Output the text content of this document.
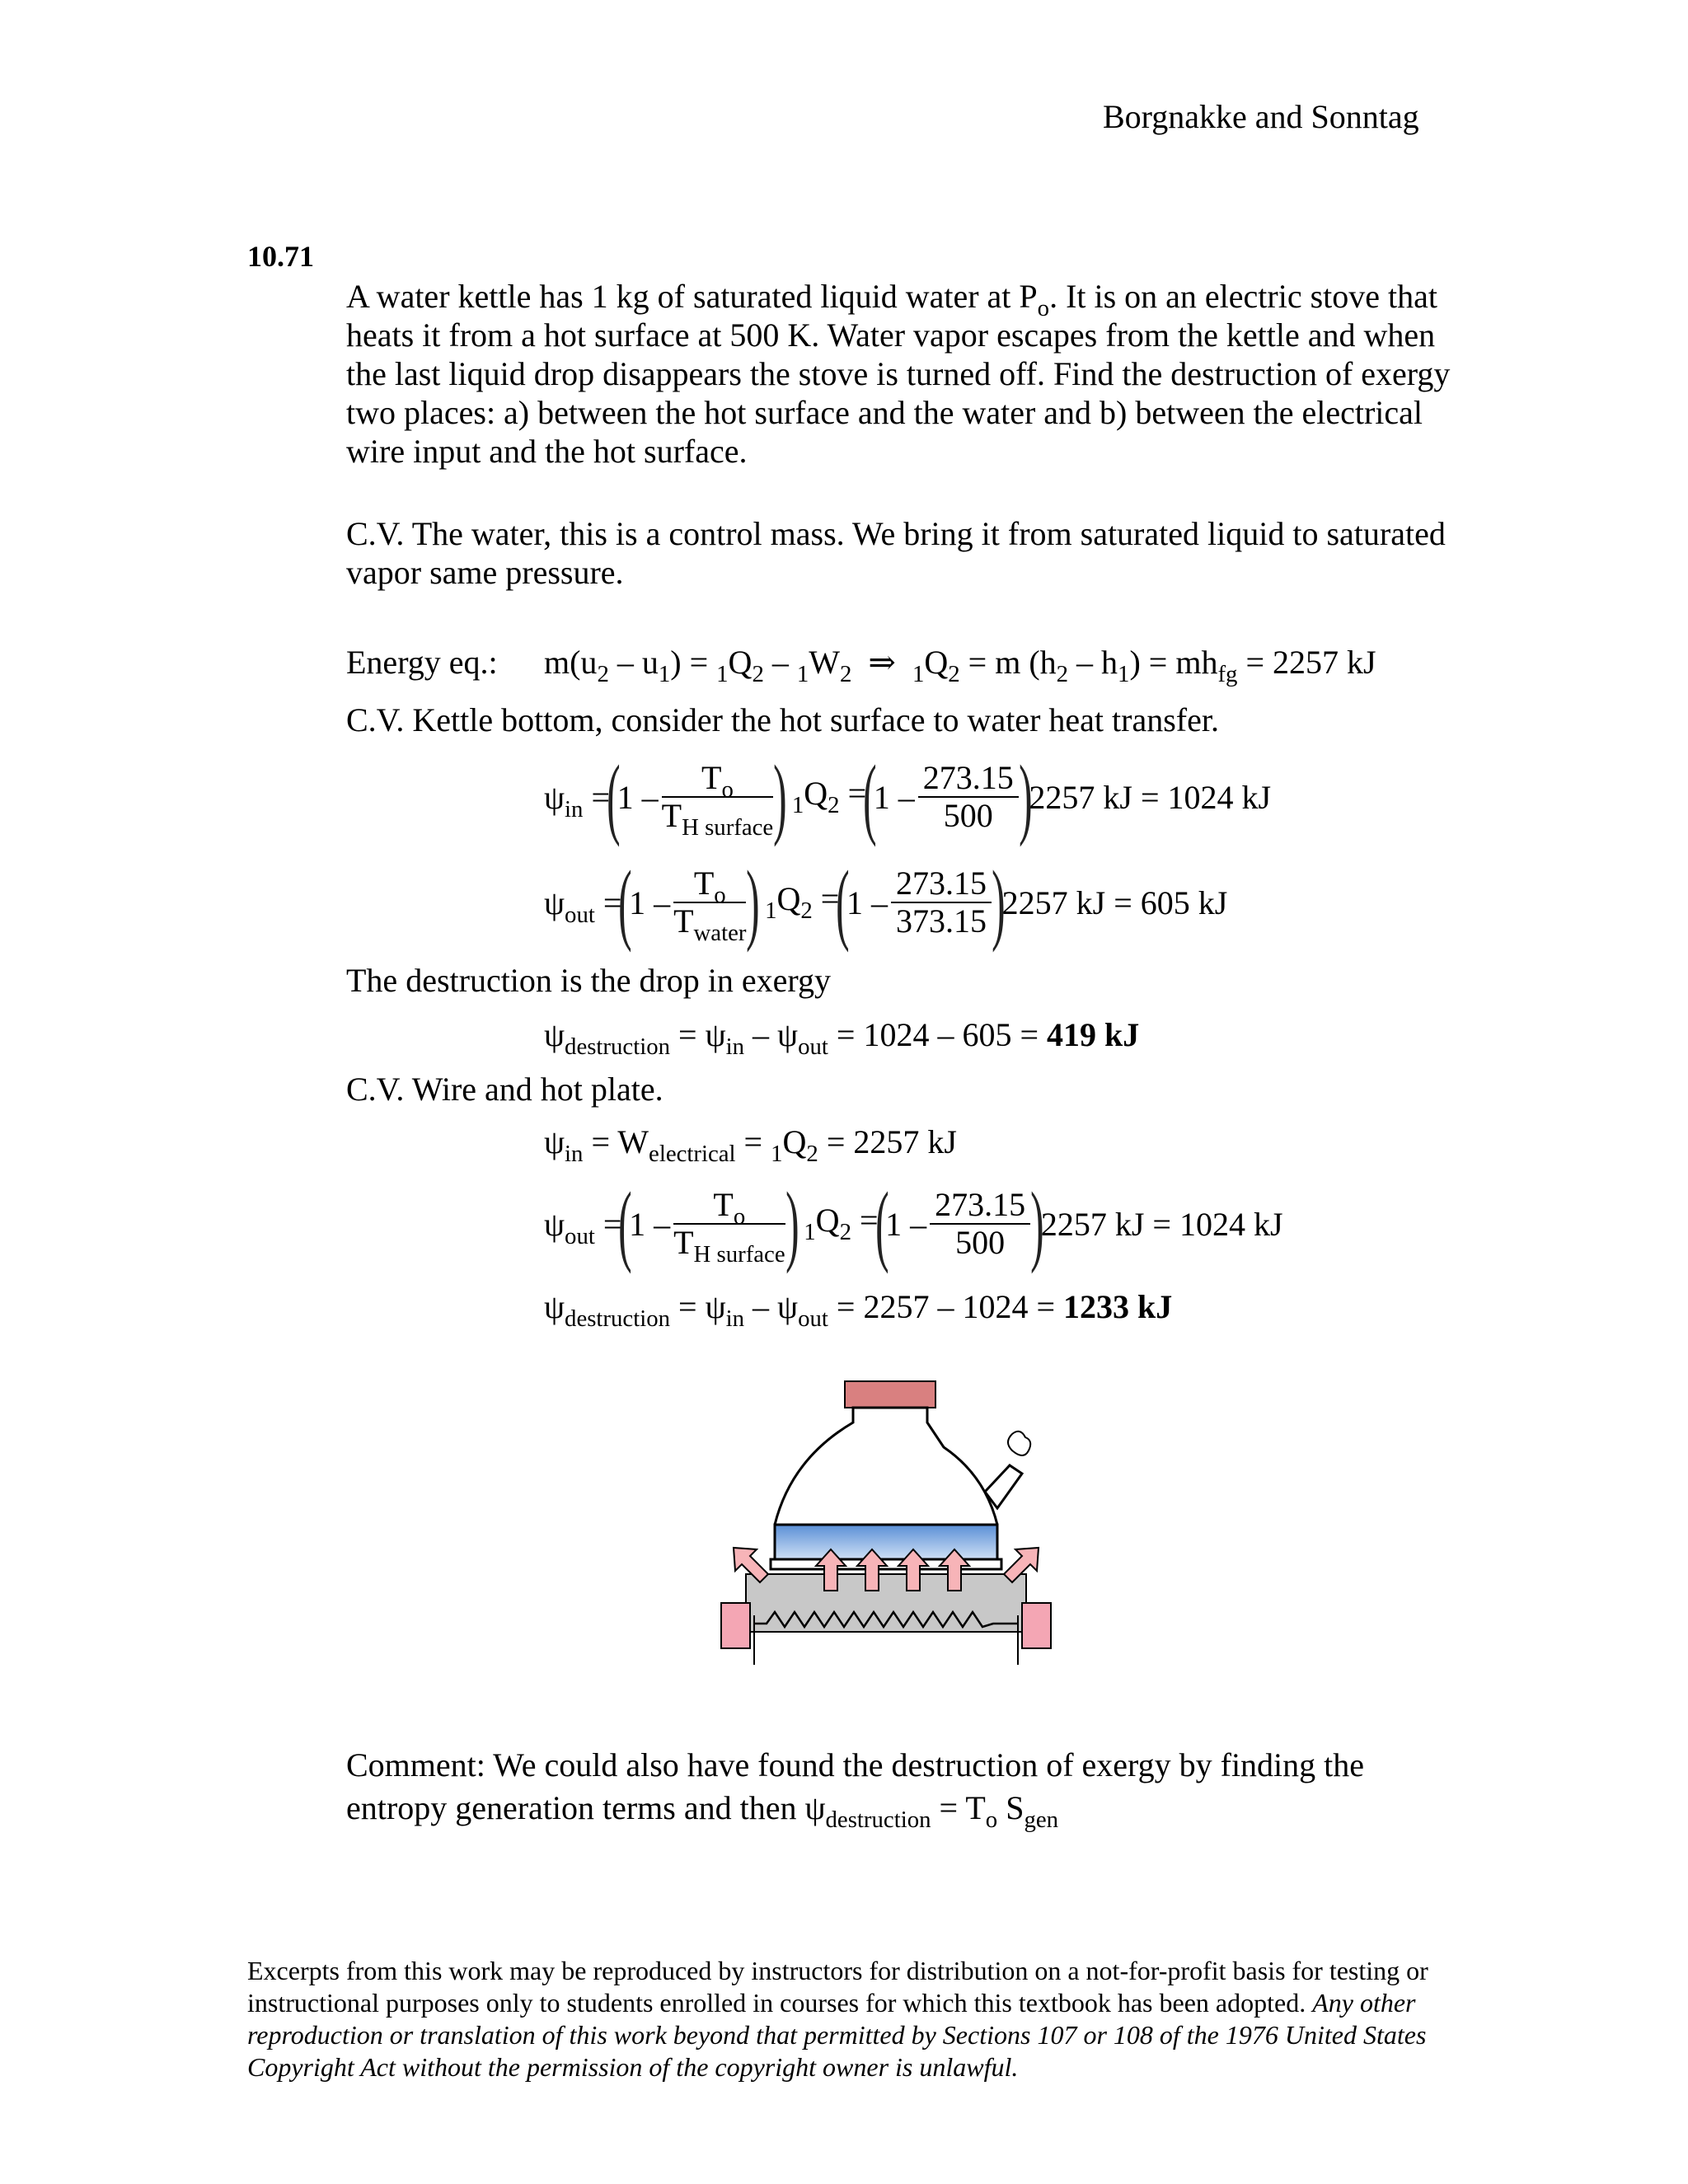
Borgnakke and Sonntag
10.71
A water kettle has 1 kg of saturated liquid water at $P_o$. It is on an electric stove that heats it from a hot surface at 500 K. Water vapor escapes from the kettle and when the last liquid drop disappears the stove is turned off. Find the destruction of exergy two places: a) between the hot surface and the water and b) between the electrical wire input and the hot surface.
C.V. The water, this is a control mass. We bring it from saturated liquid to saturated vapor same pressure.
Energy eq.: $m(u_2 - u_1) = _1Q_2 - _1W_2$  ⇒  $_1Q_2 = m$ $(h_2 - h_1) = mh_{fg} = 2257$ kJ
C.V. Kettle bottom, consider the hot surface to water heat transfer.
$\psi_{in}$ =
(
$1 - \frac{T_o}{T_{H surface}}$ ) $_1Q_2$ =
(
$1 - \frac{273.15}{500}$ )
2257 kJ = 1024 kJ
$\psi_{out}$ =
(
$1 - \frac{T_o}{T_{water}}$ ) $_1Q_2$ =
(
$1 - \frac{273.15}{373.15}$ )
2257 kJ = 605 kJ
The destruction is the drop in exergy
$\psi_{destruction} = \psi_{in} - \psi_{out} = 1024 - 605 = 419$ kJ
C.V. Wire and hot plate.
$\psi_{in} = W_{electrical} = _1Q_2 = 2257$ kJ
$\psi_{out}$ =
(
$1 - \frac{T_o}{T_{H surface}}$ ) $_1Q_2$ =
(
$1 - \frac{273.15}{500}$ )
2257 kJ = 1024 kJ
$\psi_{destruction} = \psi_{in} - \psi_{out} = 2257 - 1024 = 1233$ kJ
Comment: We could also have found the destruction of exergy by finding the
entropy generation terms and then $\psi_{destruction} = T_o$ $S_{gen}$
Excerpts from this work may be reproduced by instructors for distribution on a not-for-profit basis for testing or instructional purposes only to students enrolled in courses for which this textbook has been adopted. Any other reproduction or translation of this work beyond that permitted by Sections 107 or 108 of the 1976 United States Copyright Act without the permission of the copyright owner is unlawful.
